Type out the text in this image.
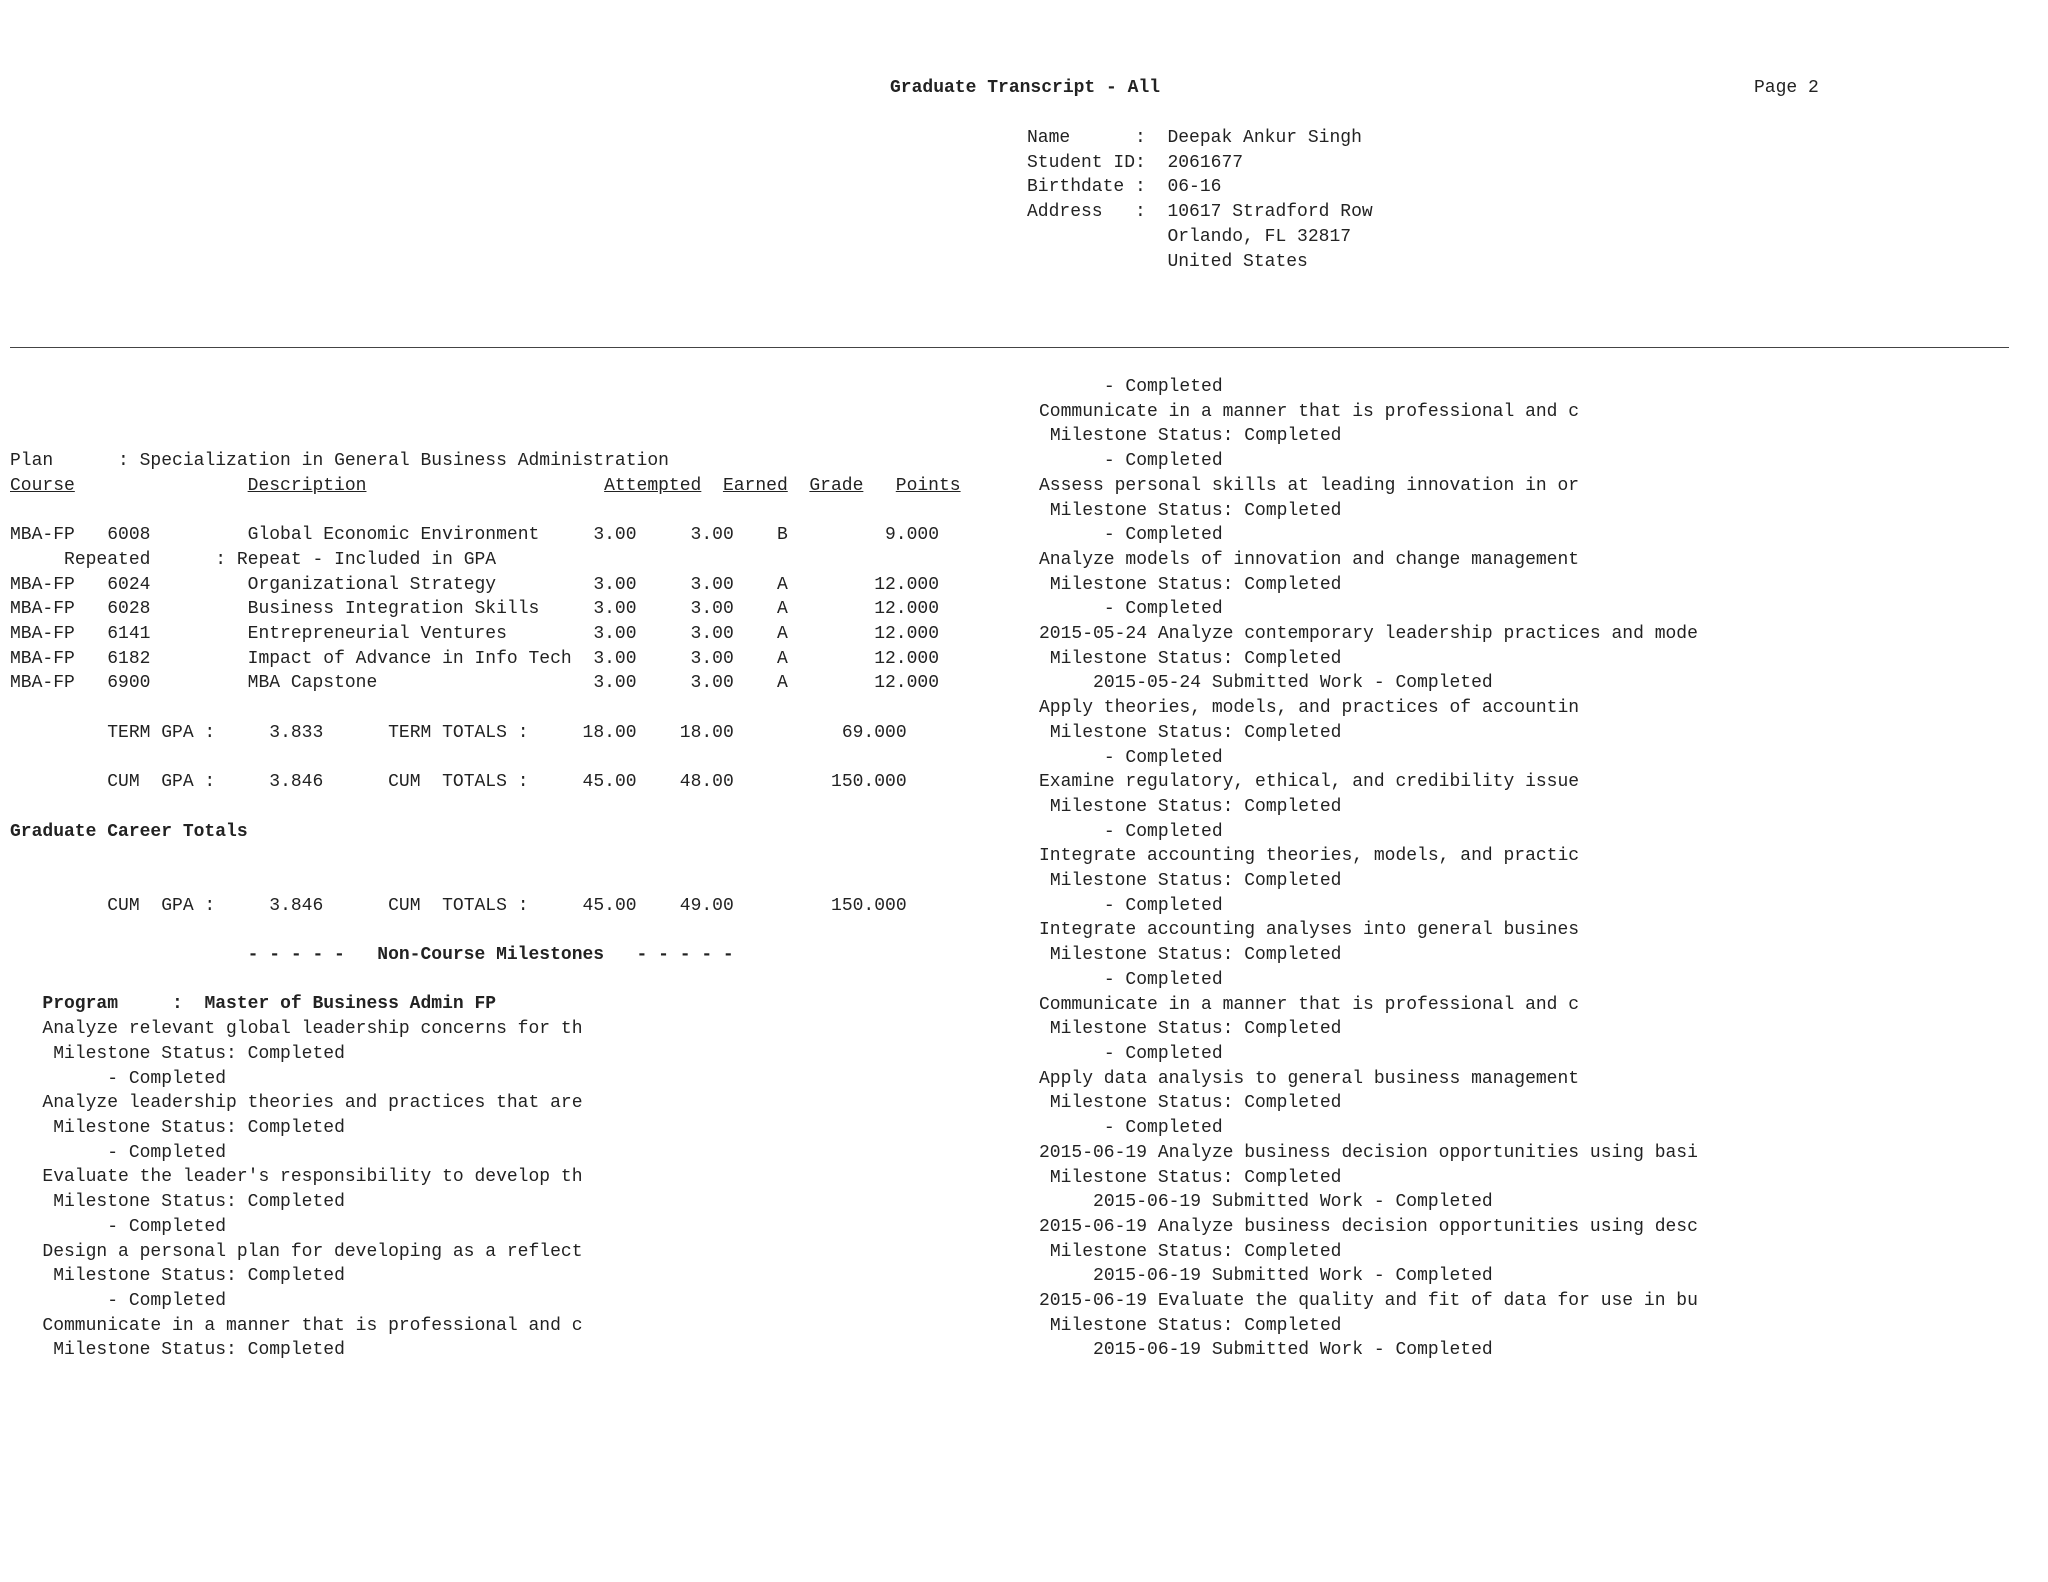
Graduate Transcript - All	Page 2
Name      : Deepak Ankur Singh
Student ID: 2061677
Birthdate : 06-16
Address   : 10617 Stradford Row
Orlando, FL 32817
United States
Plan      : Specialization in General Business Administration
Course	Description	Attempted Earned Grade Points

MBA-FP   6008         Global Economic Environment     3.00     3.00 B         9.000
Repeated      : Repeat - Included in GPA
MBA-FP   6024         Organizational Strategy         3.00     3.00 A        12.000
MBA-FP   6028         Business Integration Skills     3.00     3.00 A        12.000
MBA-FP   6141         Entrepreneurial Ventures        3.00     3.00 A        12.000
MBA-FP   6182         Impact of Advance in Info Tech  3.00     3.00 A        12.000
MBA-FP   6900         MBA Capstone                    3.00     3.00 A        12.000

TERM GPA :	3.833	TERM TOTALS :	18.00 18.00          69.000

CUM  GPA :	3.846	CUM  TOTALS :	45.00 48.00         150.000

Graduate Career Totals

CUM  GPA :	3.846	CUM  TOTALS :	45.00 49.00         150.000

- - - - -   Non-Course Milestones   - - - - -

Program     : Master of Business Admin FP
Analyze relevant global leadership concerns for th
Milestone Status: Completed
- Completed
Analyze leadership theories and practices that are
Milestone Status: Completed
- Completed
Evaluate the leader's responsibility to develop th
Milestone Status: Completed
- Completed
Design a personal plan for developing as a reflect
Milestone Status: Completed
- Completed
Communicate in a manner that is professional and c
Milestone Status: Completed
- Completed
Communicate in a manner that is professional and c
Milestone Status: Completed
- Completed
Assess personal skills at leading innovation in or
Milestone Status: Completed
- Completed
Analyze models of innovation and change management
Milestone Status: Completed
- Completed
2015-05-24 Analyze contemporary leadership practices and mode
Milestone Status: Completed
2015-05-24 Submitted Work - Completed
Apply theories, models, and practices of accountin
Milestone Status: Completed
- Completed
Examine regulatory, ethical, and credibility issue
Milestone Status: Completed
- Completed
Integrate accounting theories, models, and practic
Milestone Status: Completed
- Completed
Integrate accounting analyses into general busines
Milestone Status: Completed
- Completed
Communicate in a manner that is professional and c
Milestone Status: Completed
- Completed
Apply data analysis to general business management
Milestone Status: Completed
- Completed
2015-06-19 Analyze business decision opportunities using basi
Milestone Status: Completed
2015-06-19 Submitted Work - Completed
2015-06-19 Analyze business decision opportunities using desc
Milestone Status: Completed
2015-06-19 Submitted Work - Completed
2015-06-19 Evaluate the quality and fit of data for use in bu
Milestone Status: Completed
2015-06-19 Submitted Work - Completed
